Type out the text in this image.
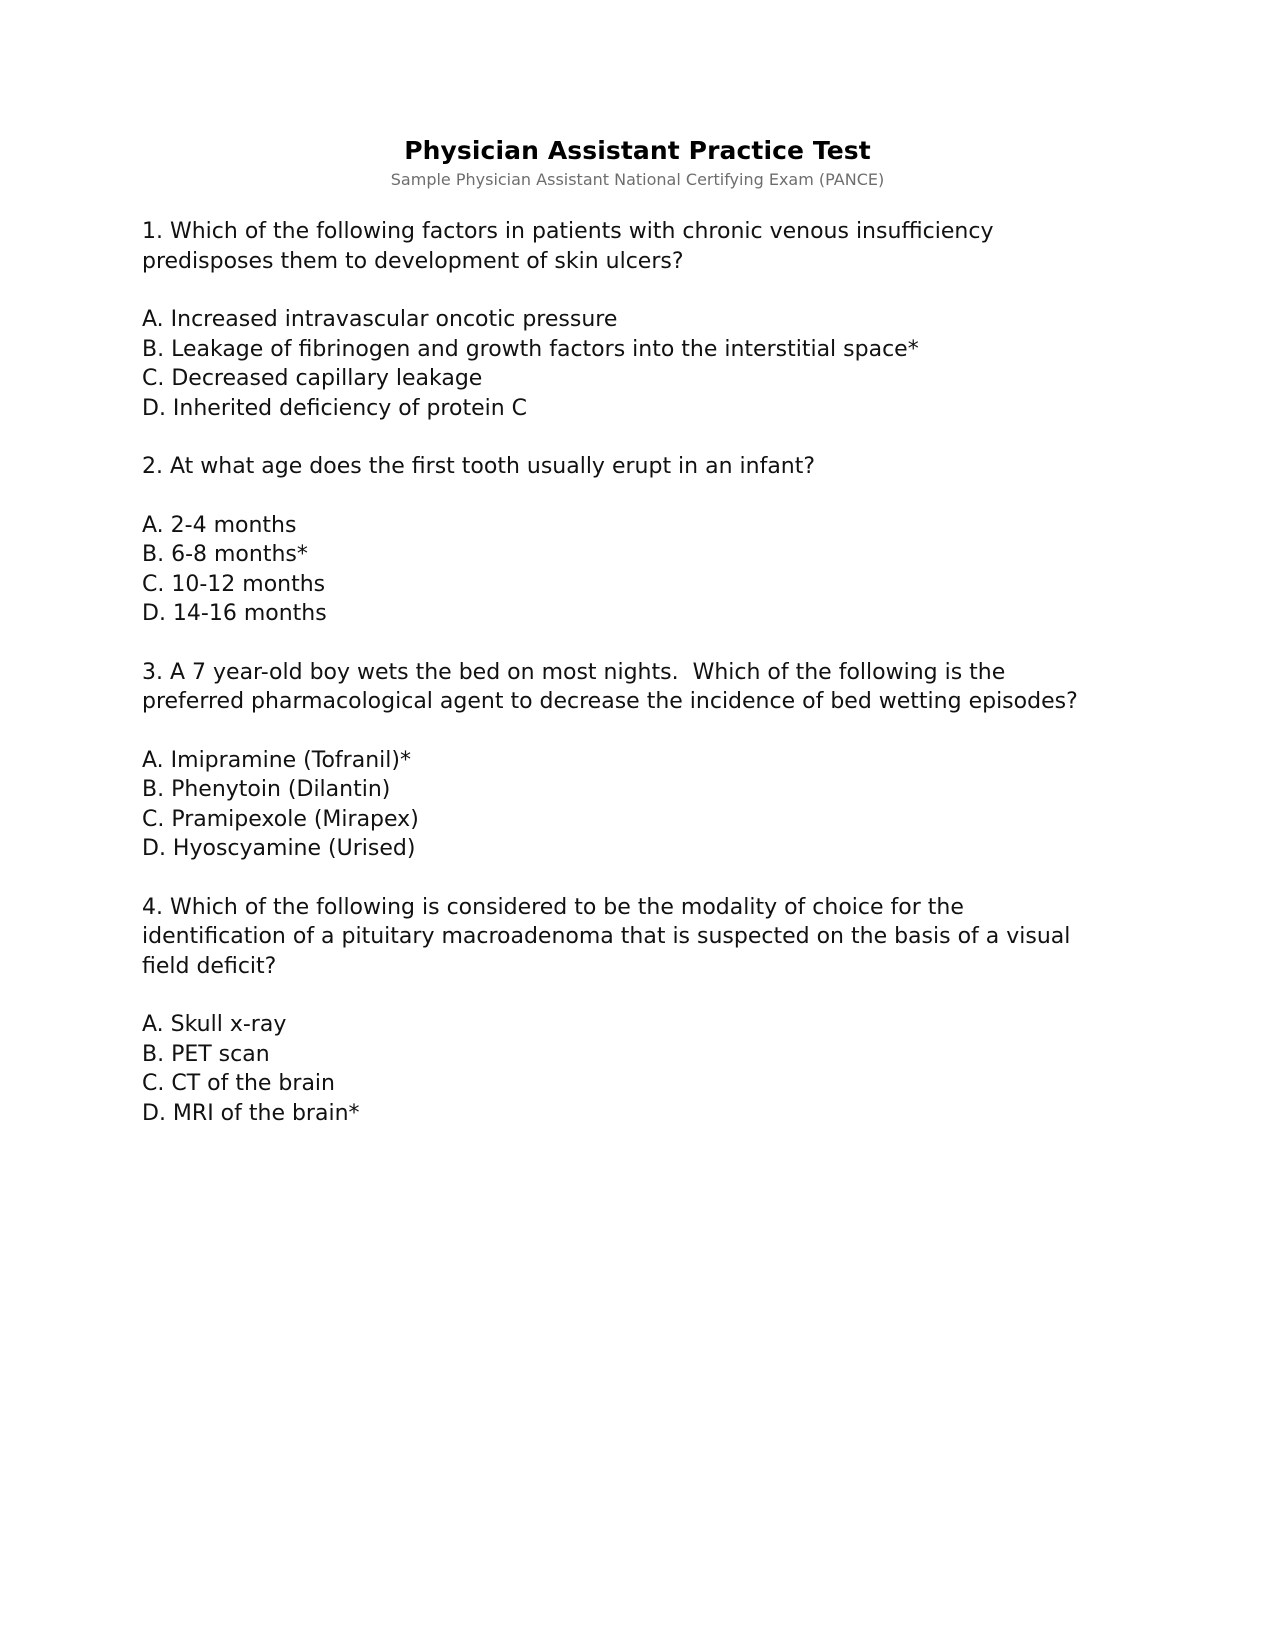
Physician Assistant Practice Test

Sample Physician Assistant National Certifying Exam (PANCE)

1. Which of the following factors in patients with chronic venous insufficiency predisposes them to development of skin ulcers?

A. Increased intravascular oncotic pressure
B. Leakage of fibrinogen and growth factors into the interstitial space*
C. Decreased capillary leakage
D. Inherited deficiency of protein C

2. At what age does the first tooth usually erupt in an infant?

A. 2-4 months
B. 6-8 months*
C. 10-12 months
D. 14-16 months

3. A 7 year-old boy wets the bed on most nights.  Which of the following is the preferred pharmacological agent to decrease the incidence of bed wetting episodes?

A. Imipramine (Tofranil)*
B. Phenytoin (Dilantin)
C. Pramipexole (Mirapex)
D. Hyoscyamine (Urised)

4. Which of the following is considered to be the modality of choice for the identification of a pituitary macroadenoma that is suspected on the basis of a visual field deficit?

A. Skull x-ray
B. PET scan
C. CT of the brain
D. MRI of the brain*
